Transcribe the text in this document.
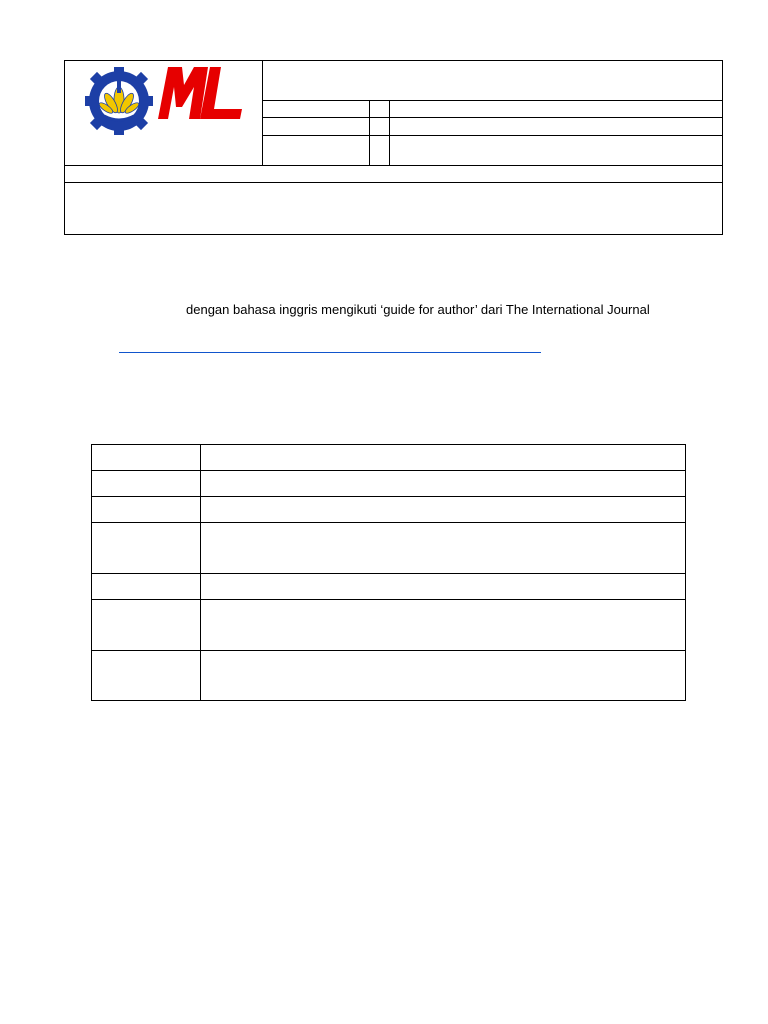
dengan bahasa inggris mengikuti ‘guide for author’ dari The International Journal
